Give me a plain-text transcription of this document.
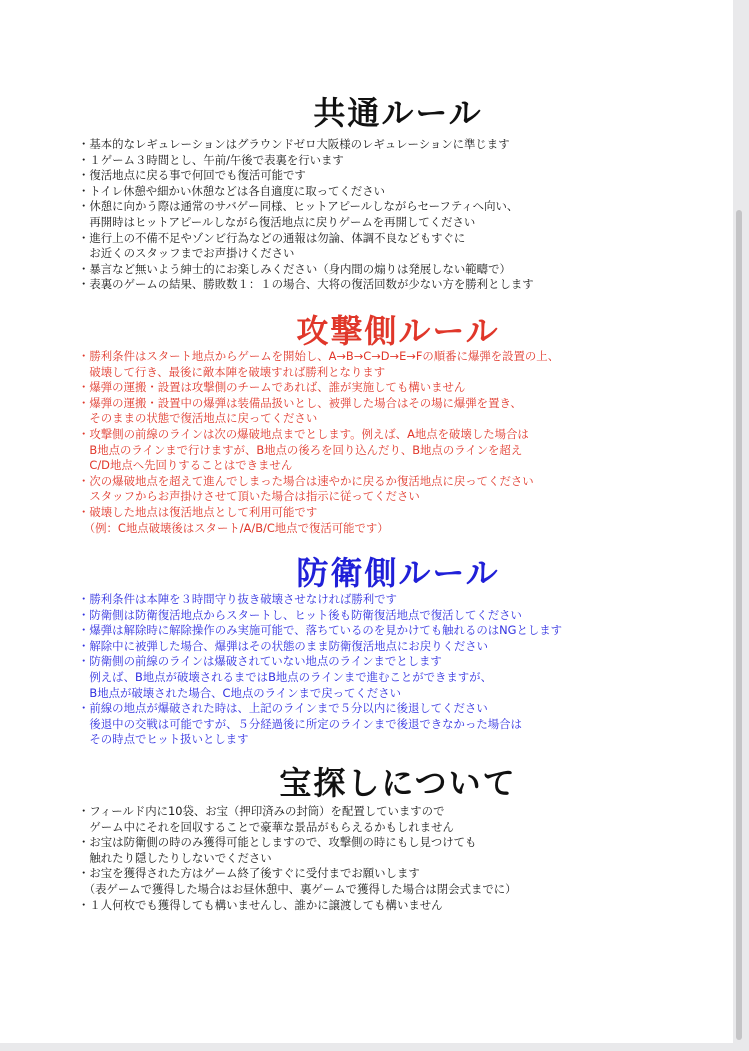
共通ルール
・基本的なレギュレーションはグラウンドゼロ大阪様のレギュレーションに準じます
・１ゲーム３時間とし、午前/午後で表裏を行います
・復活地点に戻る事で何回でも復活可能です
・トイレ休憩や細かい休憩などは各自適度に取ってください
・休憩に向かう際は通常のサバゲー同様、ヒットアピールしながらセーフティへ向い、
　再開時はヒットアピールしながら復活地点に戻りゲームを再開してください
・進行上の不備不足やゾンビ行為などの通報は勿論、体調不良などもすぐに
　お近くのスタッフまでお声掛けください
・暴言など無いよう紳士的にお楽しみください（身内間の煽りは発展しない範疇で）
・表裏のゲームの結果、勝敗数１：１の場合、大将の復活回数が少ない方を勝利とします
攻撃側ルール
・勝利条件はスタート地点からゲームを開始し、A→B→C→D→E→Fの順番に爆弾を設置の上、
　破壊して行き、最後に敵本陣を破壊すれば勝利となります
・爆弾の運搬・設置は攻撃側のチームであれば、誰が実施しても構いません
・爆弾の運搬・設置中の爆弾は装備品扱いとし、被弾した場合はその場に爆弾を置き、
　そのままの状態で復活地点に戻ってください
・攻撃側の前線のラインは次の爆破地点までとします。例えば、A地点を破壊した場合は
　B地点のラインまで行けますが、B地点の後ろを回り込んだり、B地点のラインを超え
　C/D地点へ先回りすることはできません
・次の爆破地点を超えて進んでしまった場合は速やかに戻るか復活地点に戻ってください
　スタッフからお声掛けさせて頂いた場合は指示に従ってください
・破壊した地点は復活地点として利用可能です
　（例：C地点破壊後はスタート/A/B/C地点で復活可能です）
防衛側ルール
・勝利条件は本陣を３時間守り抜き破壊させなければ勝利です
・防衛側は防衛復活地点からスタートし、ヒット後も防衛復活地点で復活してください
・爆弾は解除時に解除操作のみ実施可能で、落ちているのを見かけても触れるのはNGとします
・解除中に被弾した場合、爆弾はその状態のまま防衛復活地点にお戻りください
・防衛側の前線のラインは爆破されていない地点のラインまでとします
　例えば、B地点が破壊されるまではB地点のラインまで進むことができますが、
　B地点が破壊された場合、C地点のラインまで戻ってください
・前線の地点が爆破された時は、上記のラインまで５分以内に後退してください
　後退中の交戦は可能ですが、５分経過後に所定のラインまで後退できなかった場合は
　その時点でヒット扱いとします
宝探しについて
・フィールド内に10袋、お宝（押印済みの封筒）を配置していますので
　ゲーム中にそれを回収することで豪華な景品がもらえるかもしれません
・お宝は防衛側の時のみ獲得可能としますので、攻撃側の時にもし見つけても
　触れたり隠したりしないでください
・お宝を獲得された方はゲーム終了後すぐに受付までお願いします
　（表ゲームで獲得した場合はお昼休憩中、裏ゲームで獲得した場合は閉会式までに）
・１人何枚でも獲得しても構いませんし、誰かに譲渡しても構いません
